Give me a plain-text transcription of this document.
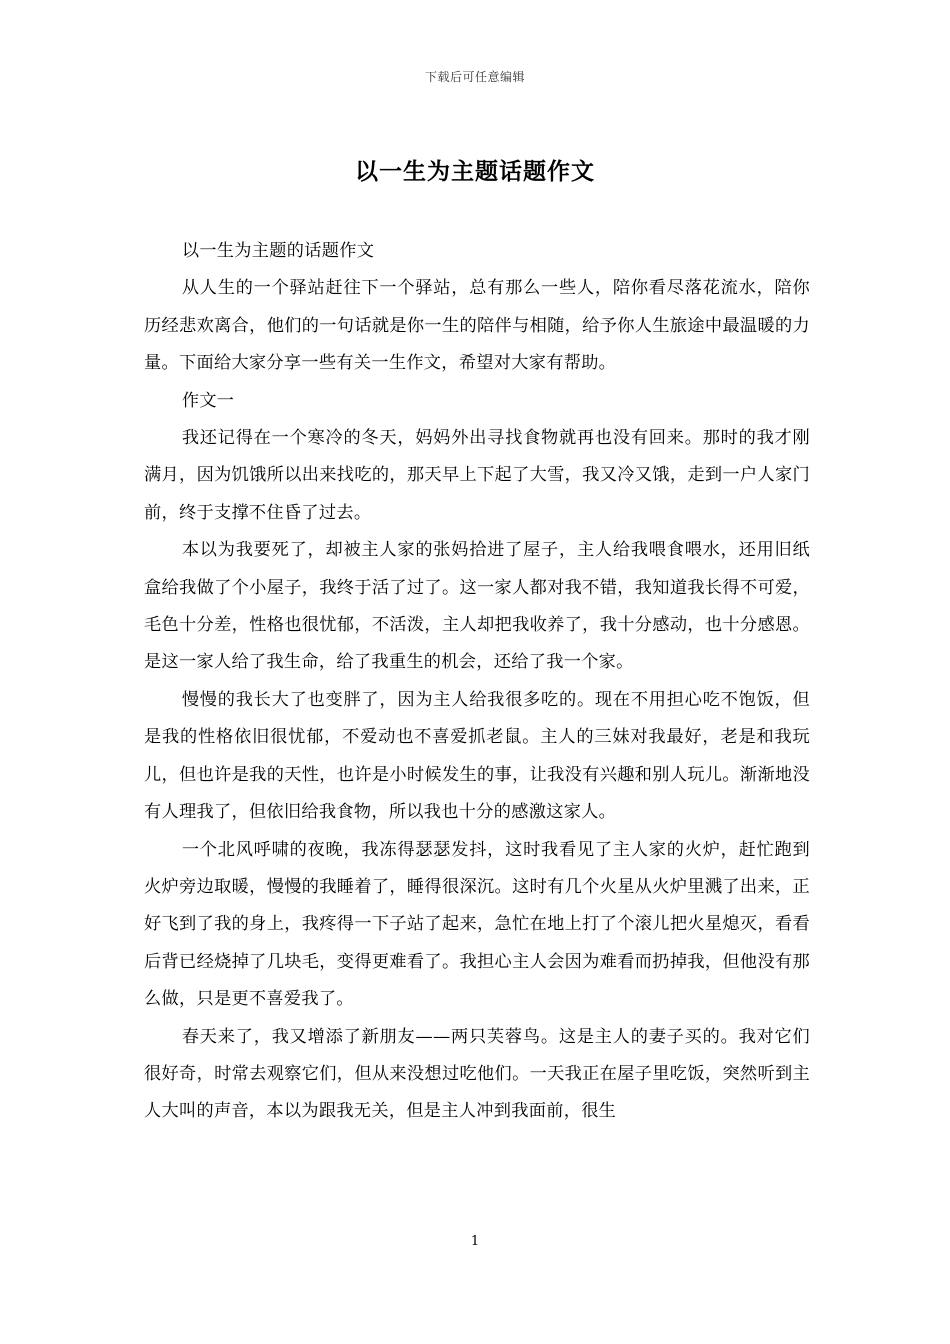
下载后可任意编辑
以一生为主题话题作文

以一生为主题的话题作文

从人生的一个驿站赶往下一个驿站，总有那么一些人，陪你看尽落花流水，陪你历经悲欢离合，他们的一句话就是你一生的陪伴与相随，给予你人生旅途中最温暖的力量。下面给大家分享一些有关一生作文，希望对大家有帮助。

作文一

我还记得在一个寒冷的冬天，妈妈外出寻找食物就再也没有回来。那时的我才刚满月，因为饥饿所以出来找吃的，那天早上下起了大雪，我又冷又饿，走到一户人家门前，终于支撑不住昏了过去。

本以为我要死了，却被主人家的张妈拾进了屋子，主人给我喂食喂水，还用旧纸盒给我做了个小屋子，我终于活了过了。这一家人都对我不错，我知道我长得不可爱，毛色十分差，性格也很忧郁，不活泼，主人却把我收养了，我十分感动，也十分感恩。是这一家人给了我生命，给了我重生的机会，还给了我一个家。

慢慢的我长大了也变胖了，因为主人给我很多吃的。现在不用担心吃不饱饭，但是我的性格依旧很忧郁，不爱动也不喜爱抓老鼠。主人的三妹对我最好，老是和我玩儿，但也许是我的天性，也许是小时候发生的事，让我没有兴趣和别人玩儿。渐渐地没有人理我了，但依旧给我食物，所以我也十分的感激这家人。

一个北风呼啸的夜晚，我冻得瑟瑟发抖，这时我看见了主人家的火炉，赶忙跑到火炉旁边取暖，慢慢的我睡着了，睡得很深沉。这时有几个火星从火炉里溅了出来，正好飞到了我的身上，我疼得一下子站了起来，急忙在地上打了个滚儿把火星熄灭，看看后背已经烧掉了几块毛，变得更难看了。我担心主人会因为难看而扔掉我，但他没有那么做，只是更不喜爱我了。

春天来了，我又增添了新朋友——两只芙蓉鸟。这是主人的妻子买的。我对它们很好奇，时常去观察它们，但从来没想过吃他们。一天我正在屋子里吃饭，突然听到主人大叫的声音，本以为跟我无关，但是主人冲到我面前，很生

1
